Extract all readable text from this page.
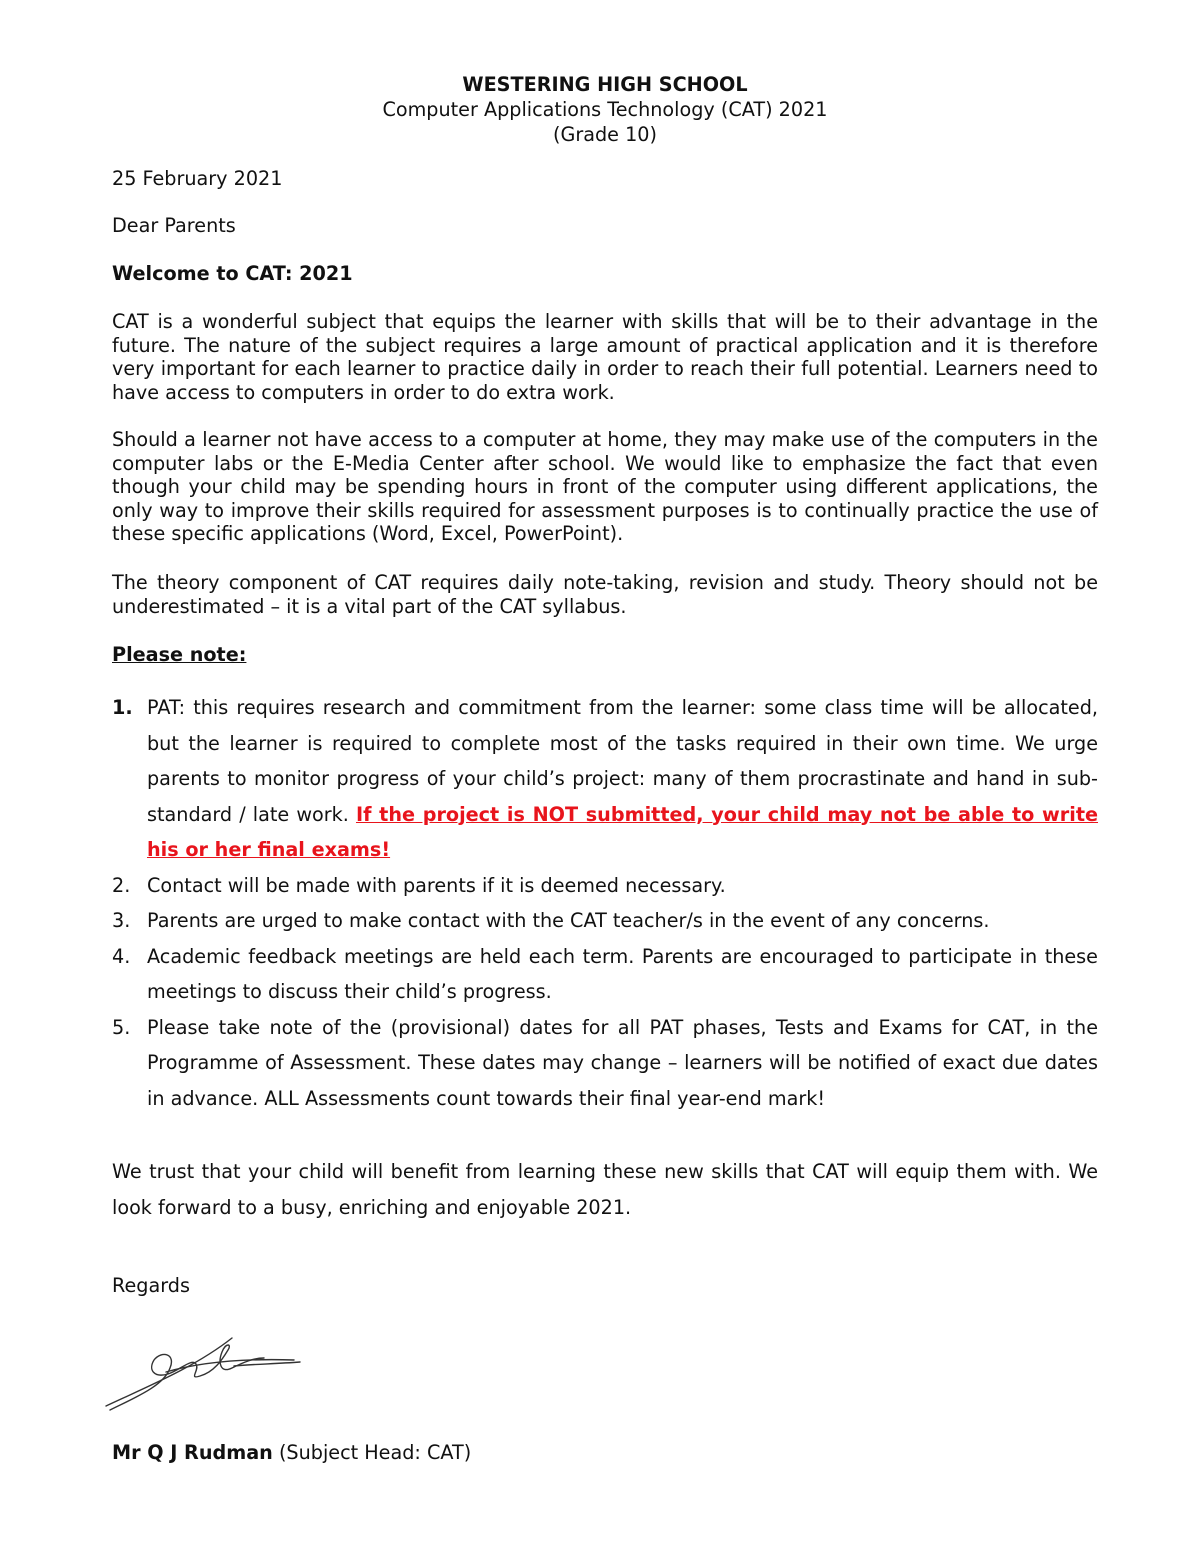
WESTERING HIGH SCHOOL
Computer Applications Technology (CAT) 2021
(Grade 10)

25 February 2021

Dear Parents

Welcome to CAT: 2021

CAT is a wonderful subject that equips the learner with skills that will be to their advantage in the future. The nature of the subject requires a large amount of practical application and it is therefore very important for each learner to practice daily in order to reach their full potential. Learners need to have access to computers in order to do extra work.

Should a learner not have access to a computer at home, they may make use of the computers in the computer labs or the E-Media Center after school. We would like to emphasize the fact that even though your child may be spending hours in front of the computer using different applications, the only way to improve their skills required for assessment purposes is to continually practice the use of these specific applications (Word, Excel, PowerPoint).

The theory component of CAT requires daily note-taking, revision and study. Theory should not be underestimated – it is a vital part of the CAT syllabus.

Please note:

1. PAT: this requires research and commitment from the learner: some class time will be allocated, but the learner is required to complete most of the tasks required in their own time. We urge parents to monitor progress of your child’s project: many of them procrastinate and hand in sub-standard / late work. If the project is NOT submitted, your child may not be able to write his or her final exams!
2. Contact will be made with parents if it is deemed necessary.
3. Parents are urged to make contact with the CAT teacher/s in the event of any concerns.
4. Academic feedback meetings are held each term. Parents are encouraged to participate in these meetings to discuss their child’s progress.
5. Please take note of the (provisional) dates for all PAT phases, Tests and Exams for CAT, in the Programme of Assessment. These dates may change – learners will be notified of exact due dates in advance. ALL Assessments count towards their final year-end mark!

We trust that your child will benefit from learning these new skills that CAT will equip them with. We look forward to a busy, enriching and enjoyable 2021.

Regards

Mr Q J Rudman (Subject Head: CAT)
